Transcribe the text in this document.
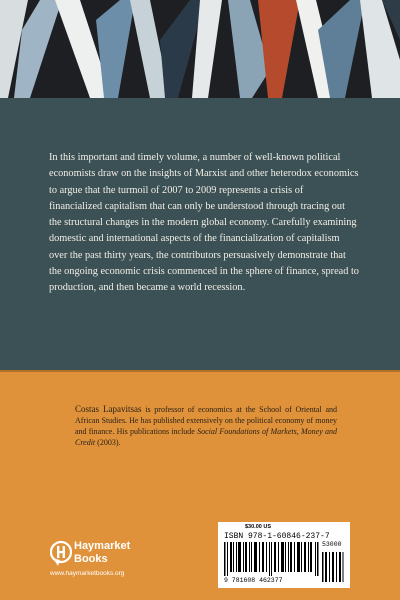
In this important and timely volume, a number of well-known political economists draw on the insights of Marxist and other heterodox economics to argue that the turmoil of 2007 to 2009 represents a crisis of financialized capitalism that can only be understood through tracing out the structural changes in the modern global economy. Carefully examining domestic and international aspects of the financialization of capitalism over the past thirty years, the contributors persuasively demonstrate that the ongoing economic crisis commenced in the sphere of finance, spread to production, and then became a world recession.

Costas Lapavitsas is professor of economics at the School of Oriental and African Studies. He has published extensively on the political economy of money and finance. His publications include Social Foundations of Markets, Money and Credit (2003).

Haymarket
Books
www.haymarketbooks.org
$30.00 US
ISBN 978-1-60846-237-7
9 781608 462377
53000
